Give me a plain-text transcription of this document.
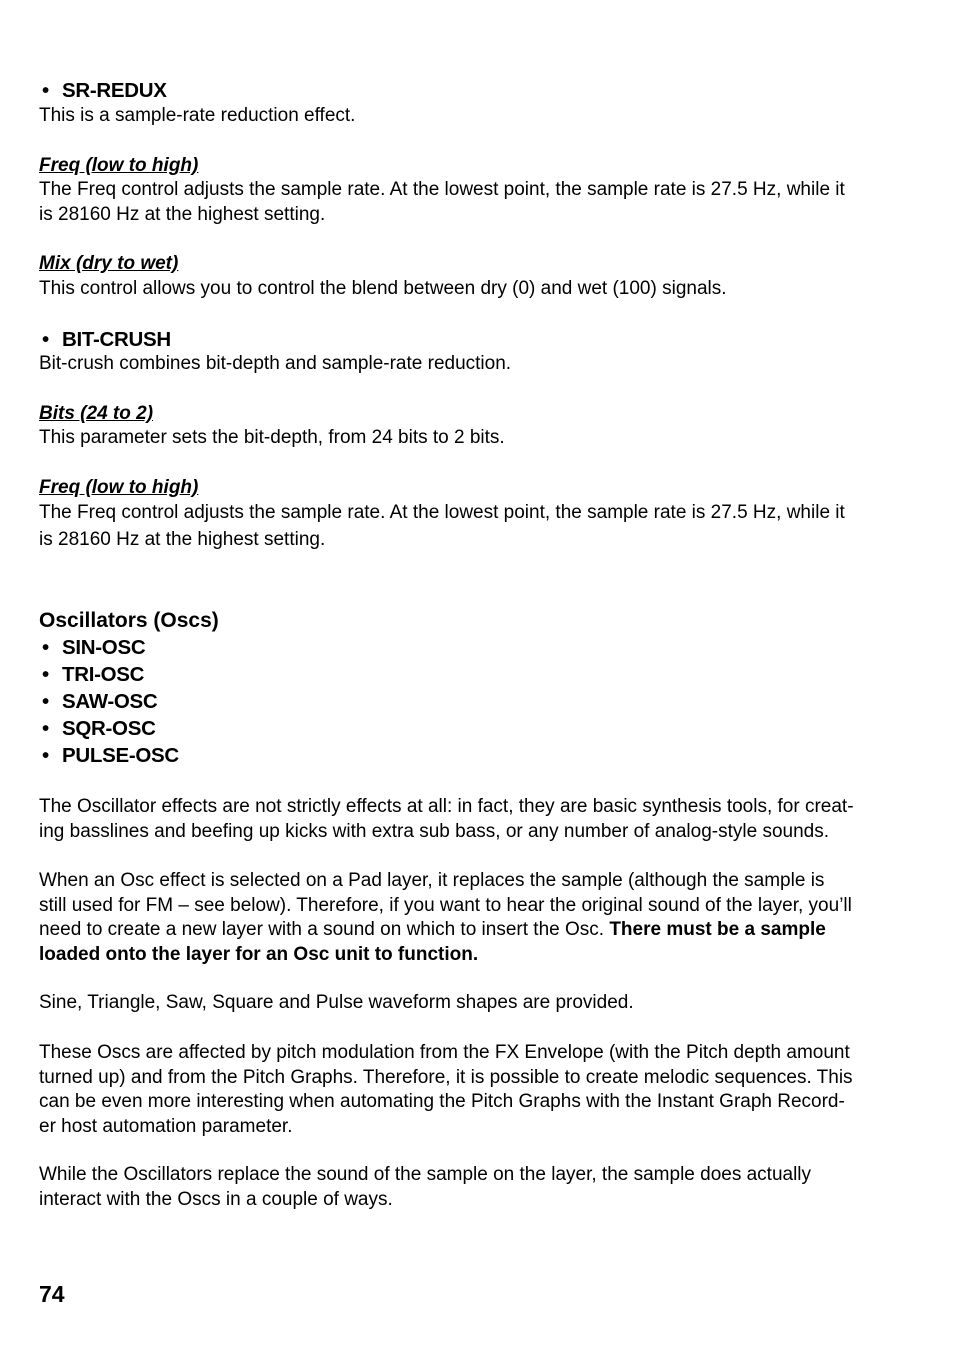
• SR-REDUX
This is a sample-rate reduction effect.
Freq (low to high)
The Freq control adjusts the sample rate. At the lowest point, the sample rate is 27.5 Hz, while it
is 28160 Hz at the highest setting.
Mix (dry to wet)
This control allows you to control the blend between dry (0) and wet (100) signals.
• BIT-CRUSH
Bit-crush combines bit-depth and sample-rate reduction.
Bits (24 to 2)
This parameter sets the bit-depth, from 24 bits to 2 bits.
Freq (low to high)
The Freq control adjusts the sample rate. At the lowest point, the sample rate is 27.5 Hz, while it
is 28160 Hz at the highest setting.
Oscillators (Oscs)
• SIN-OSC
• TRI-OSC
• SAW-OSC
• SQR-OSC
• PULSE-OSC
The Oscillator effects are not strictly effects at all: in fact, they are basic synthesis tools, for creat-
ing basslines and beefing up kicks with extra sub bass, or any number of analog-style sounds.
When an Osc effect is selected on a Pad layer, it replaces the sample (although the sample is
still used for FM – see below). Therefore, if you want to hear the original sound of the layer, you’ll
need to create a new layer with a sound on which to insert the Osc. There must be a sample
loaded onto the layer for an Osc unit to function.
Sine, Triangle, Saw, Square and Pulse waveform shapes are provided.
These Oscs are affected by pitch modulation from the FX Envelope (with the Pitch depth amount
turned up) and from the Pitch Graphs. Therefore, it is possible to create melodic sequences. This
can be even more interesting when automating the Pitch Graphs with the Instant Graph Record-
er host automation parameter.
While the Oscillators replace the sound of the sample on the layer, the sample does actually
interact with the Oscs in a couple of ways.
74
